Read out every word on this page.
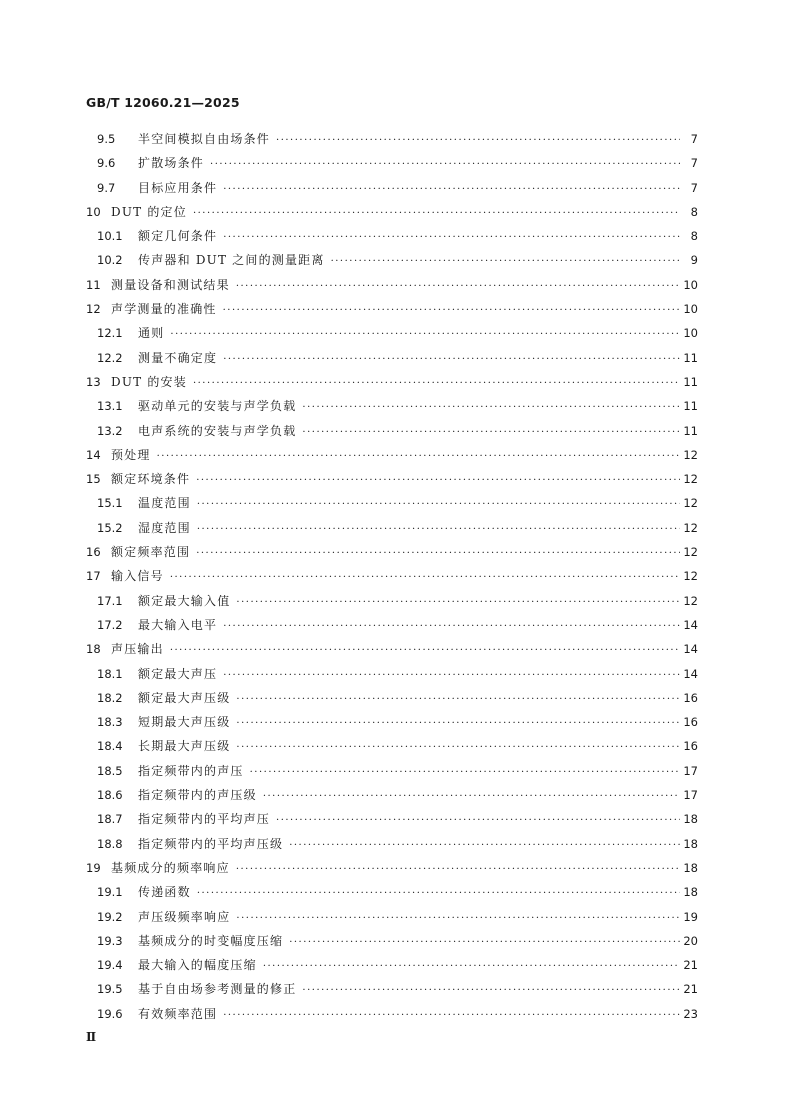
GB/T 12060.21—2025
9.5	半空间模拟自由场条件 ·····	7
9.6	扩散场条件 ·····	7
9.7	目标应用条件 ·····	7
10 DUT 的定位 ·····	8
10.1	额定几何条件 ·····	8
10.2	传声器和 DUT 之间的测量距离 ·····	9
11 测量设备和测试结果 ·····	10
12 声学测量的准确性 ·····	10
12.1	通则 ·····	10
12.2	测量不确定度 ·····	11
13 DUT 的安装 ·····	11
13.1	驱动单元的安装与声学负载 ·····	11
13.2	电声系统的安装与声学负载 ·····	11
14 预处理 ·····	12
15 额定环境条件 ·····	12
15.1	温度范围 ·····	12
15.2	湿度范围 ·····	12
16 额定频率范围 ·····	12
17 输入信号 ·····	12
17.1	额定最大输入值 ·····	12
17.2	最大输入电平 ·····	14
18 声压输出 ·····	14
18.1	额定最大声压 ·····	14
18.2	额定最大声压级 ·····	16
18.3	短期最大声压级 ·····	16
18.4	长期最大声压级 ·····	16
18.5	指定频带内的声压 ·····	17
18.6	指定频带内的声压级 ·····	17
18.7	指定频带内的平均声压 ·····	18
18.8	指定频带内的平均声压级 ·····	18
19 基频成分的频率响应 ·····	18
19.1	传递函数 ·····	18
19.2	声压级频率响应 ·····	19
19.3	基频成分的时变幅度压缩 ·····	20
19.4	最大输入的幅度压缩 ·····	21
19.5	基于自由场参考测量的修正 ·····	21
19.6	有效频率范围 ·····	23
Ⅱ
